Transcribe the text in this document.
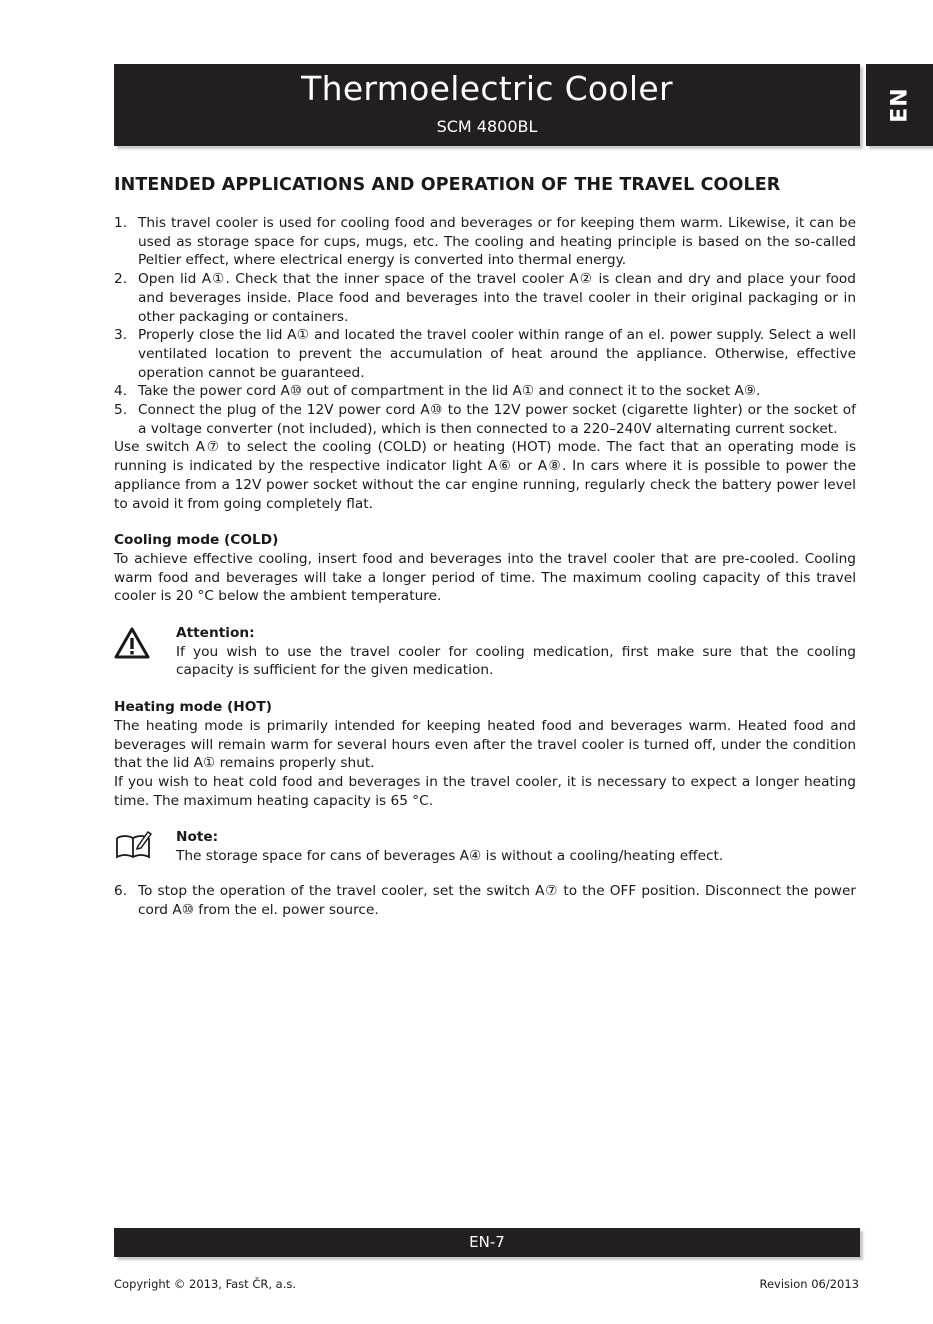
Thermoelectric Cooler
SCM 4800BL
EN
INTENDED APPLICATIONS AND OPERATION OF THE TRAVEL COOLER
1. This travel cooler is used for cooling food and beverages or for keeping them warm. Likewise, it can be used as storage space for cups, mugs, etc. The cooling and heating principle is based on the so-called Peltier effect, where electrical energy is converted into thermal energy.

2. Open lid A①. Check that the inner space of the travel cooler A② is clean and dry and place your food and beverages inside. Place food and beverages into the travel cooler in their original packaging or in other packaging or containers.

3. Properly close the lid A① and located the travel cooler within range of an el. power supply. Select a well ventilated location to prevent the accumulation of heat around the appliance. Otherwise, effective operation cannot be guaranteed.

4. Take the power cord A⑩ out of compartment in the lid A① and connect it to the socket A⑨.

5. Connect the plug of the 12V power cord A⑩ to the 12V power socket (cigarette lighter) or the socket of a voltage converter (not included), which is then connected to a 220–240V alternating current socket.

Use switch A⑦ to select the cooling (COLD) or heating (HOT) mode. The fact that an operating mode is running is indicated by the respective indicator light A⑥ or A⑧. In cars where it is possible to power the appliance from a 12V power socket without the car engine running, regularly check the battery power level to avoid it from going completely flat.

Cooling mode (COLD)

To achieve effective cooling, insert food and beverages into the travel cooler that are pre-cooled. Cooling warm food and beverages will take a longer period of time. The maximum cooling capacity of this travel cooler is 20 °C below the ambient temperature.

Attention:

If you wish to use the travel cooler for cooling medication, first make sure that the cooling capacity is sufficient for the given medication.

Heating mode (HOT)

The heating mode is primarily intended for keeping heated food and beverages warm. Heated food and beverages will remain warm for several hours even after the travel cooler is turned off, under the condition that the lid A① remains properly shut.

If you wish to heat cold food and beverages in the travel cooler, it is necessary to expect a longer heating time. The maximum heating capacity is 65 °C.

Note:

The storage space for cans of beverages A④ is without a cooling/heating effect.

6. To stop the operation of the travel cooler, set the switch A⑦ to the OFF position. Disconnect the power cord A⑩ from the el. power source.

EN-7
Copyright © 2013, Fast ČR, a.s.	Revision 06/2013
